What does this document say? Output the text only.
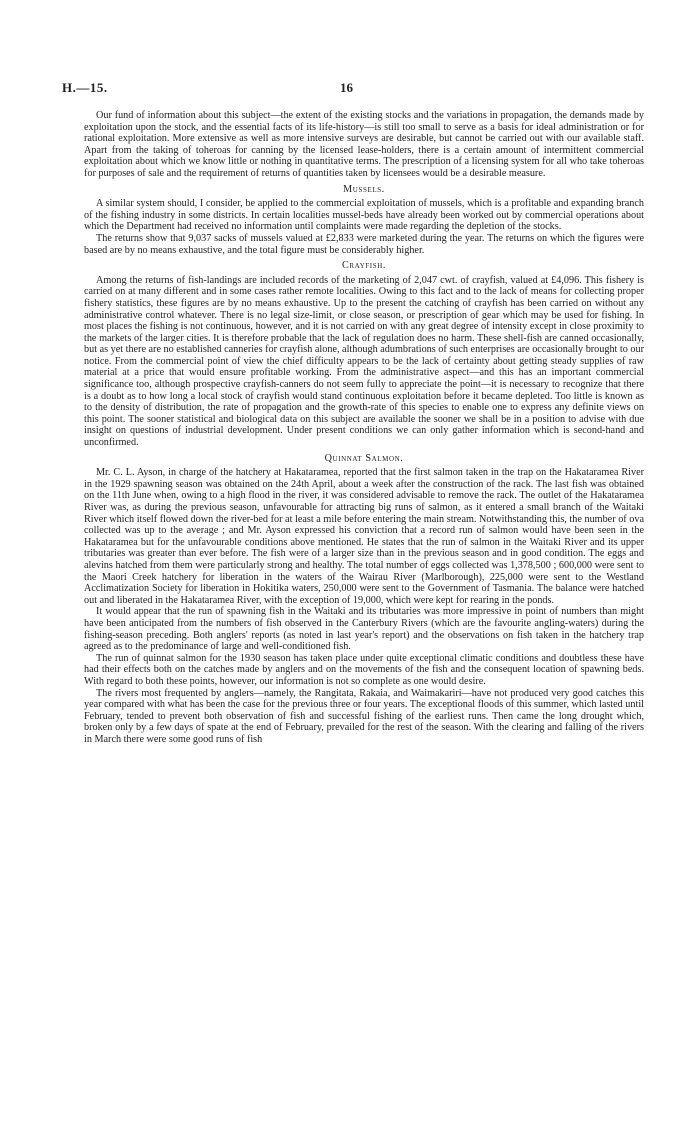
H.—15.	16

Our fund of information about this subject—the extent of the existing stocks and the variations in propagation, the demands made by exploitation upon the stock, and the essential facts of its life-history—is still too small to serve as a basis for ideal administration or for rational exploitation. More extensive as well as more intensive surveys are desirable, but cannot be carried out with our available staff. Apart from the taking of toheroas for canning by the licensed lease-holders, there is a certain amount of intermittent commercial exploitation about which we know little or nothing in quantitative terms. The prescription of a licensing system for all who take toheroas for purposes of sale and the requirement of returns of quantities taken by licensees would be a desirable measure.

Mussels.

A similar system should, I consider, be applied to the commercial exploitation of mussels, which is a profitable and expanding branch of the fishing industry in some districts. In certain localities mussel-beds have already been worked out by commercial operations about which the Department had received no information until complaints were made regarding the depletion of the stocks.

The returns show that 9,037 sacks of mussels valued at £2,833 were marketed during the year. The returns on which the figures were based are by no means exhaustive, and the total figure must be considerably higher.

Crayfish.

Among the returns of fish-landings are included records of the marketing of 2,047 cwt. of crayfish, valued at £4,096. This fishery is carried on at many different and in some cases rather remote localities. Owing to this fact and to the lack of means for collecting proper fishery statistics, these figures are by no means exhaustive. Up to the present the catching of crayfish has been carried on without any administrative control whatever. There is no legal size-limit, or close season, or prescription of gear which may be used for fishing. In most places the fishing is not continuous, however, and it is not carried on with any great degree of intensity except in close proximity to the markets of the larger cities. It is therefore probable that the lack of regulation does no harm. These shell-fish are canned occasionally, but as yet there are no established canneries for crayfish alone, although adumbrations of such enterprises are occasionally brought to our notice. From the commercial point of view the chief difficulty appears to be the lack of certainty about getting steady supplies of raw material at a price that would ensure profitable working. From the administrative aspect—and this has an important commercial significance too, although prospective crayfish-canners do not seem fully to appreciate the point—it is necessary to recognize that there is a doubt as to how long a local stock of crayfish would stand continuous exploitation before it became depleted. Too little is known as to the density of distribution, the rate of propagation and the growth-rate of this species to enable one to express any definite views on this point. The sooner statistical and biological data on this subject are available the sooner we shall be in a position to advise with due insight on questions of industrial development. Under present conditions we can only gather information which is second-hand and unconfirmed.

Quinnat Salmon.

Mr. C. L. Ayson, in charge of the hatchery at Hakataramea, reported that the first salmon taken in the trap on the Hakataramea River in the 1929 spawning season was obtained on the 24th April, about a week after the construction of the rack. The last fish was obtained on the 11th June when, owing to a high flood in the river, it was considered advisable to remove the rack. The outlet of the Hakataramea River was, as during the previous season, unfavourable for attracting big runs of salmon, as it entered a small branch of the Waitaki River which itself flowed down the river-bed for at least a mile before entering the main stream. Notwithstanding this, the number of ova collected was up to the average ; and Mr. Ayson expressed his conviction that a record run of salmon would have been seen in the Hakataramea but for the unfavourable conditions above mentioned. He states that the run of salmon in the Waitaki River and its upper tributaries was greater than ever before. The fish were of a larger size than in the previous season and in good condition. The eggs and alevins hatched from them were particularly strong and healthy. The total number of eggs collected was 1,378,500 ; 600,000 were sent to the Maori Creek hatchery for liberation in the waters of the Wairau River (Marlborough), 225,000 were sent to the Westland Acclimatization Society for liberation in Hokitika waters, 250,000 were sent to the Government of Tasmania. The balance were hatched out and liberated in the Hakataramea River, with the exception of 19,000, which were kept for rearing in the ponds.

It would appear that the run of spawning fish in the Waitaki and its tributaries was more impressive in point of numbers than might have been anticipated from the numbers of fish observed in the Canterbury Rivers (which are the favourite angling-waters) during the fishing-season preceding. Both anglers' reports (as noted in last year's report) and the observations on fish taken in the hatchery trap agreed as to the predominance of large and well-conditioned fish.

The run of quinnat salmon for the 1930 season has taken place under quite exceptional climatic conditions and doubtless these have had their effects both on the catches made by anglers and on the movements of the fish and the consequent location of spawning beds. With regard to both these points, however, our information is not so complete as one would desire.

The rivers most frequented by anglers—namely, the Rangitata, Rakaia, and Waimakariri—have not produced very good catches this year compared with what has been the case for the previous three or four years. The exceptional floods of this summer, which lasted until February, tended to prevent both observation of fish and successful fishing of the earliest runs. Then came the long drought which, broken only by a few days of spate at the end of February, prevailed for the rest of the season. With the clearing and falling of the rivers in March there were some good runs of fish
